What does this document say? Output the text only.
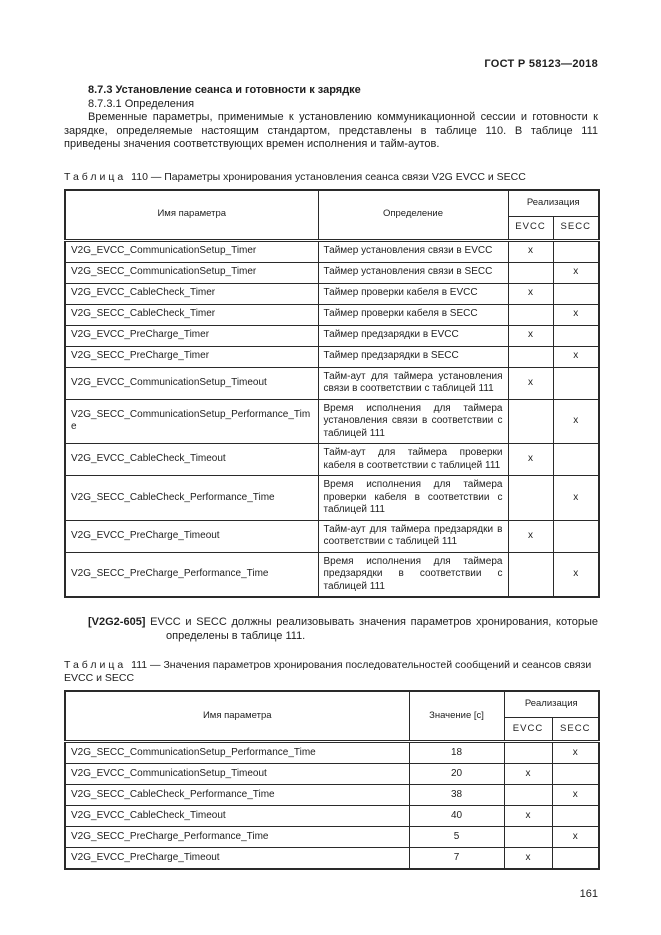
ГОСТ Р 58123—2018
8.7.3 Установление сеанса и готовности к зарядке
8.7.3.1 Определения
Временные параметры, применимые к установлению коммуникационной сессии и готовности к зарядке, определяемые настоящим стандартом, представлены в таблице 110. В таблице 111 приведены значения соответствующих времен исполнения и тайм-аутов.
Таблица 110 — Параметры хронирования установления сеанса связи V2G EVCC и SECC
Имя параметра	Определение	Реализация	
		EVCC	SECC
V2G_EVCC_CommunicationSetup_Timer	Таймер установления связи в EVCC	x	
V2G_SECC_CommunicationSetup_Timer	Таймер установления связи в SECC		x
V2G_EVCC_CableCheck_Timer	Таймер проверки кабеля в EVCC	x	
V2G_SECC_CableCheck_Timer	Таймер проверки кабеля в SECC		x
V2G_EVCC_PreCharge_Timer	Таймер предзарядки в EVCC	x	
V2G_SECC_PreCharge_Timer	Таймер предзарядки в SECC		x
V2G_EVCC_CommunicationSetup_Timeout	Тайм-аут для таймера установления связи в соответствии с таблицей 111	x	
V2G_SECC_CommunicationSetup_Performance_Time	Время исполнения для таймера установления связи в соответствии с таблицей 111		x
V2G_EVCC_CableCheck_Timeout	Тайм-аут для таймера проверки кабеля в соответствии с таблицей 111	x	
V2G_SECC_CableCheck_Performance_Time	Время исполнения для таймера проверки кабеля в соответствии с таблицей 111		x
V2G_EVCC_PreCharge_Timeout	Тайм-аут для таймера предзарядки в соответствии с таблицей 111	x	
V2G_SECC_PreCharge_Performance_Time	Время исполнения для таймера предзарядки в соответствии с таблицей 111		x
[V2G2-605] EVCC и SECC должны реализовывать значения параметров хронирования, которые определены в таблице 111.
Таблица 111 — Значения параметров хронирования последовательностей сообщений и сеансов связи EVCC и SECC
Имя параметра	Значение [с]	Реализация	
		EVCC	SECC
V2G_SECC_CommunicationSetup_Performance_Time	18		x
V2G_EVCC_CommunicationSetup_Timeout	20	x	
V2G_SECC_CableCheck_Performance_Time	38		x
V2G_EVCC_CableCheck_Timeout	40	x	
V2G_SECC_PreCharge_Performance_Time	5		x
V2G_EVCC_PreCharge_Timeout	7	x	
161
